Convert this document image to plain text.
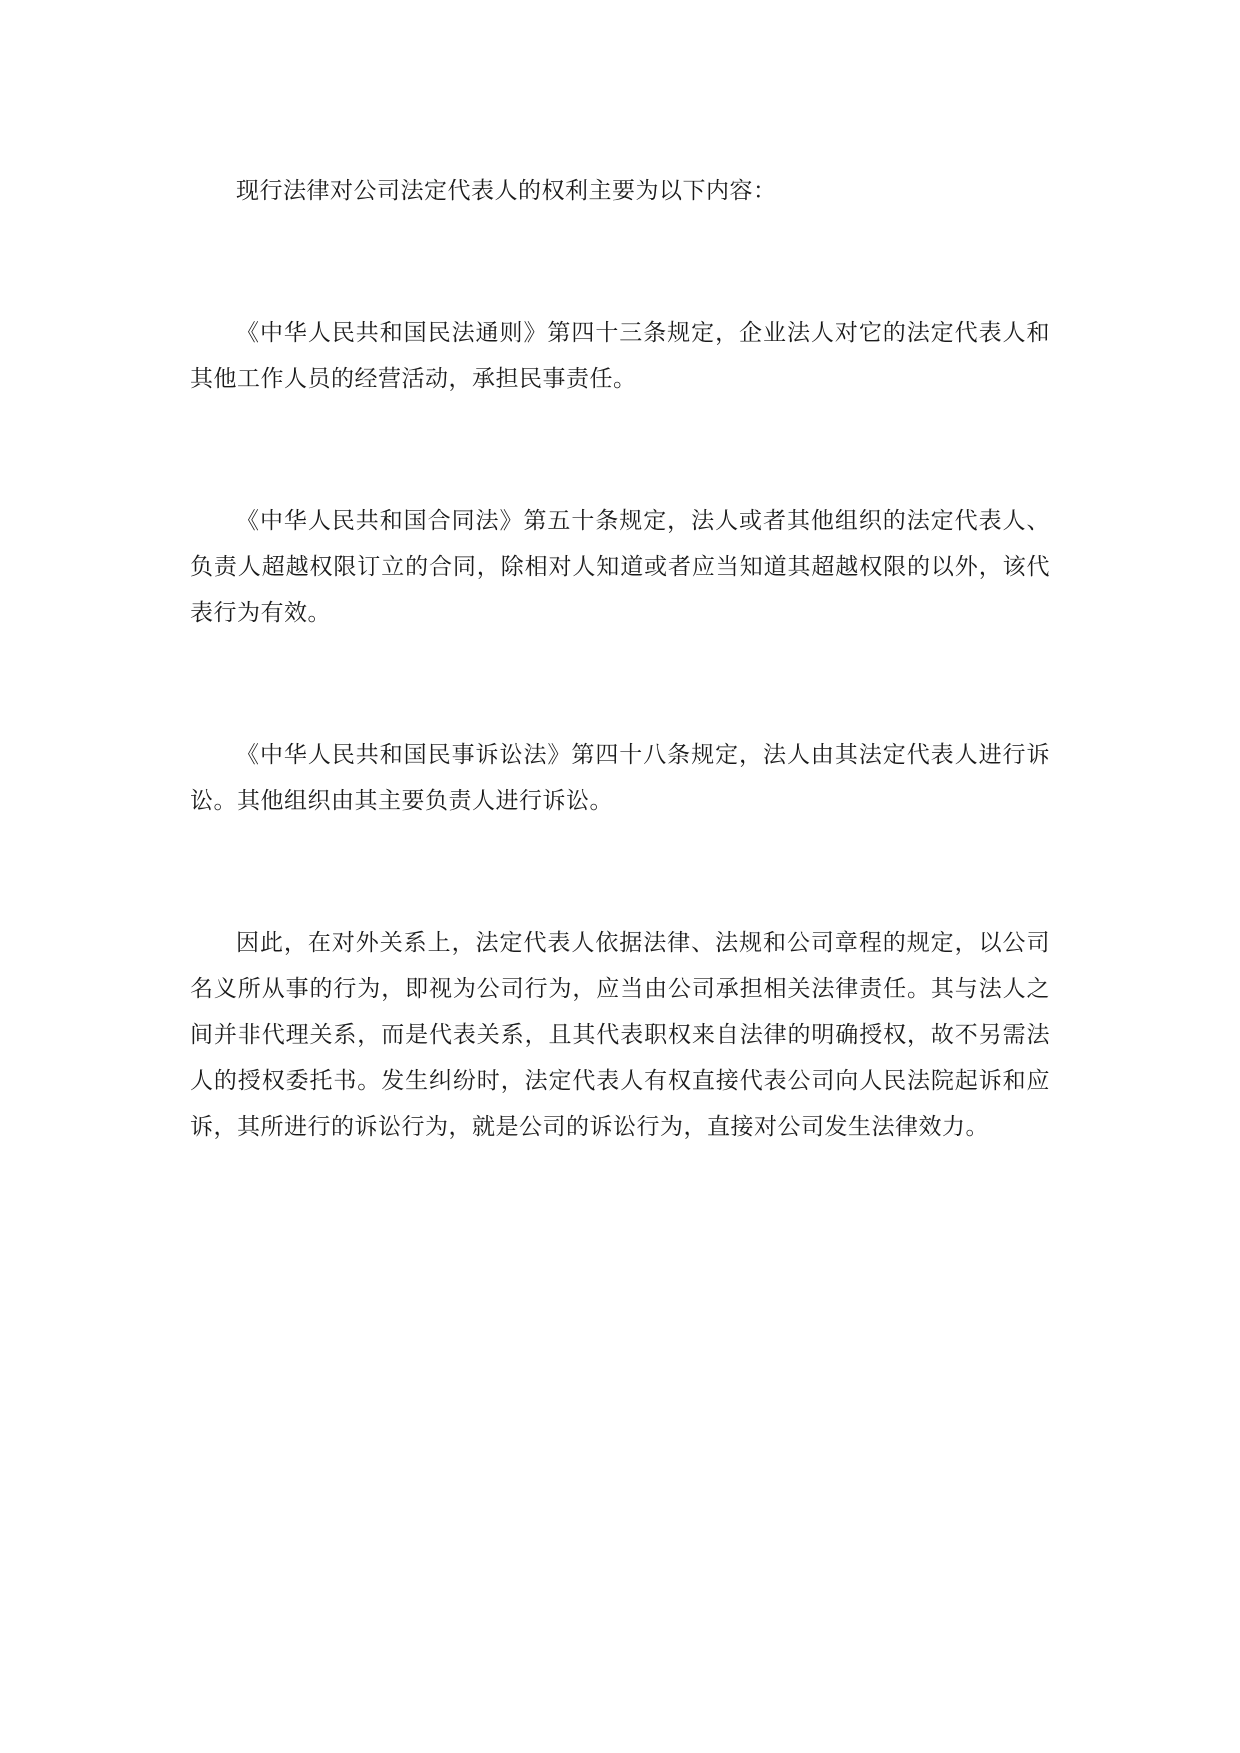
现行法律对公司法定代表人的权利主要为以下内容：

《中华人民共和国民法通则》第四十三条规定，企业法人对它的法定代表人和其他工作人员的经营活动，承担民事责任。

《中华人民共和国合同法》第五十条规定，法人或者其他组织的法定代表人、负责人超越权限订立的合同，除相对人知道或者应当知道其超越权限的以外，该代表行为有效。

《中华人民共和国民事诉讼法》第四十八条规定，法人由其法定代表人进行诉讼。其他组织由其主要负责人进行诉讼。

因此，在对外关系上，法定代表人依据法律、法规和公司章程的规定，以公司名义所从事的行为，即视为公司行为，应当由公司承担相关法律责任。其与法人之间并非代理关系，而是代表关系，且其代表职权来自法律的明确授权，故不另需法人的授权委托书。发生纠纷时，法定代表人有权直接代表公司向人民法院起诉和应诉，其所进行的诉讼行为，就是公司的诉讼行为，直接对公司发生法律效力。
